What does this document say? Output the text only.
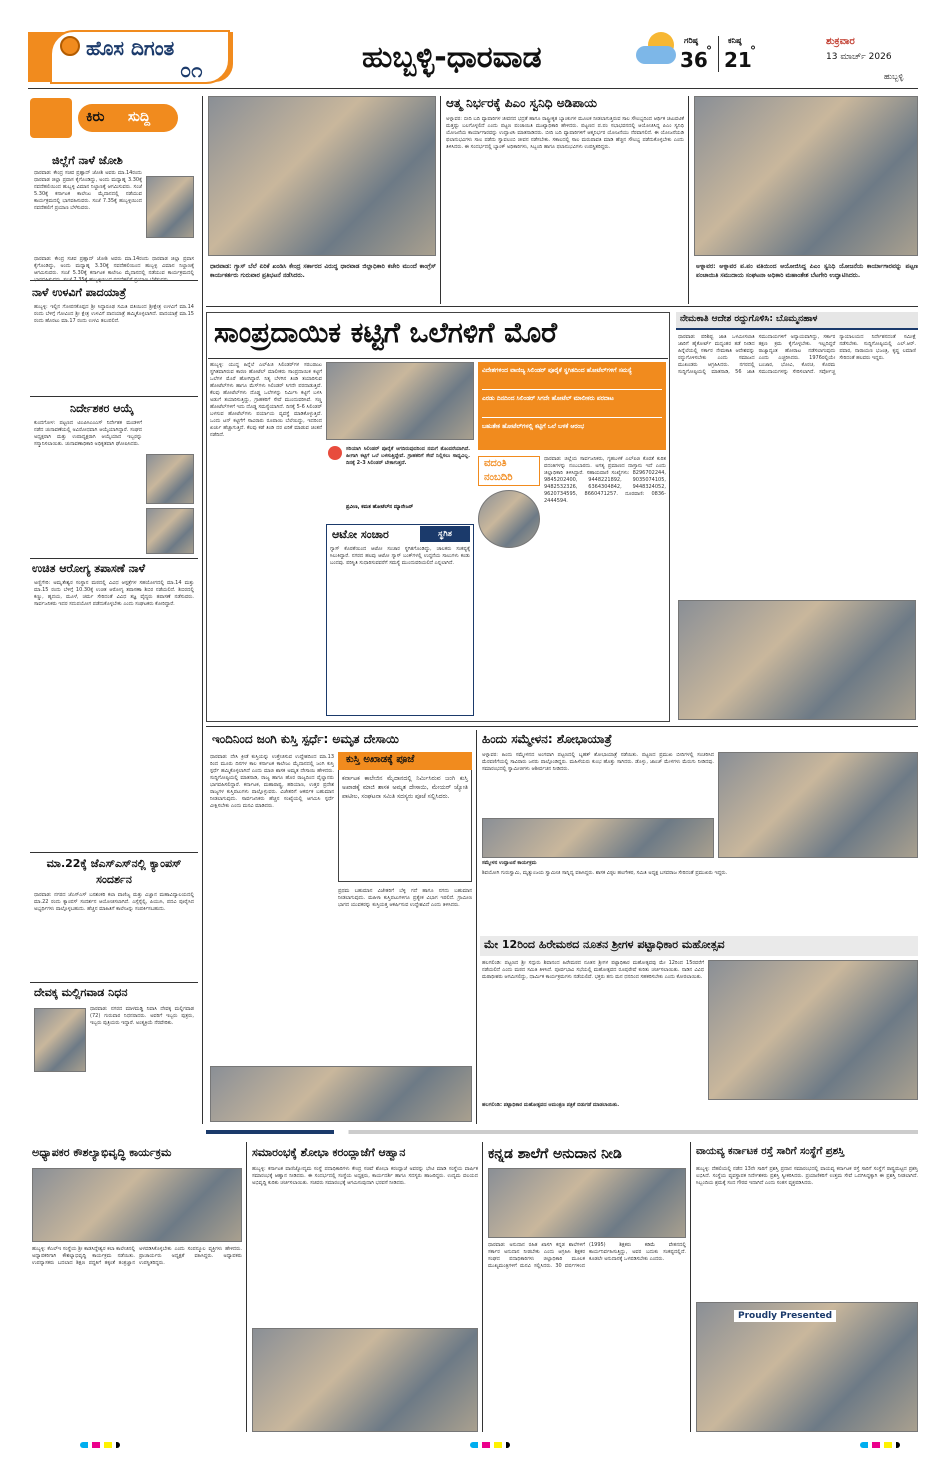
ಹೊಸ ದಿಗಂತ
೦೧	ಹುಬ್ಬಳ್ಳಿ-ಧಾರವಾಡ	ಗರಿಷ್ಠ
36
°
ಕನಿಷ್ಠ
21
°
ಶುಕ್ರವಾರ
13 ಮಾರ್ಚ್ 2026
ಹುಬ್ಬಳ್ಳಿ
ಕಿರು ಸುದ್ದಿ
ಜಿಲ್ಲೆಗೆ ನಾಳೆ ಜೋಶಿ
ಧಾರವಾಡ: ಕೇಂದ್ರ ಸಚಿವ ಪ್ರಹ್ಲಾದ್ ಜೋಶಿ ಅವರು ಮಾ.14ರಂದು ಧಾರವಾಡ ಜಿಲ್ಲಾ ಪ್ರವಾಸ ಕೈಗೊಂಡಿದ್ದು, ಅಂದು ಮಧ್ಯಾಹ್ನ 3.30ಕ್ಕೆ ನವದೆಹಲಿಯಿಂದ ಹುಬ್ಬಳ್ಳಿ ವಿಮಾನ ನಿಲ್ದಾಣಕ್ಕೆ ಆಗಮಿಸುವರು. ಸಂಜೆ 5.30ಕ್ಕೆ ಕರ್ನಾಟಕ ಕಾಲೇಜು ಮೈದಾನದಲ್ಲಿ ನಡೆಯುವ ಕಾರ್ಯಕ್ರಮದಲ್ಲಿ ಭಾಗವಹಿಸುವರು. ಸಂಜೆ 7.35ಕ್ಕೆ ಹುಬ್ಬಳ್ಳಿಯಿಂದ ನವದೆಹಲಿಗೆ ಪ್ರಯಾಣ ಬೆಳೆಸುವರು.
ಧಾರವಾಡ: ಕೇಂದ್ರ ಸಚಿವ ಪ್ರಹ್ಲಾದ್ ಜೋಶಿ ಅವರು ಮಾ.14ರಂದು ಧಾರವಾಡ ಜಿಲ್ಲಾ ಪ್ರವಾಸ ಕೈಗೊಂಡಿದ್ದು, ಅಂದು ಮಧ್ಯಾಹ್ನ 3.30ಕ್ಕೆ ನವದೆಹಲಿಯಿಂದ ಹುಬ್ಬಳ್ಳಿ ವಿಮಾನ ನಿಲ್ದಾಣಕ್ಕೆ ಆಗಮಿಸುವರು. ಸಂಜೆ 5.30ಕ್ಕೆ ಕರ್ನಾಟಕ ಕಾಲೇಜು ಮೈದಾನದಲ್ಲಿ ನಡೆಯುವ ಕಾರ್ಯಕ್ರಮದಲ್ಲಿ
ನಾಳೆ ಉಳವಿಗೆ ಪಾದಯಾತ್ರೆ
ಹುಬ್ಬಳ್ಳಿ: ಇಲ್ಲಿನ ಗೋಪನಕೊಪ್ಪದ ಶ್ರೀ ಸಿದ್ಧಾರೂಢ ಸಮಿತಿ ವತಿಯಿಂದ ಶ್ರೀಕ್ಷೇತ್ರ ಉಳವಿಗೆ ಮಾ.14 ರಂದು ಬೆಳಿಗ್ಗೆ ಗೋವಿಂದ ಶ್ರೀ ಕ್ಷೇತ್ರ ಉಳವಿಗೆ ಪಾದಯಾತ್ರೆ ಹಮ್ಮಿಕೊಳ್ಳಲಾಗಿದೆ. ಪಾದಯಾತ್ರೆ ಮಾ.15 ರಂದು ಹೊರಟು ಮಾ.17 ರಂದು ಉಳವಿ ತಲುಪಲಿದೆ.
ನಿರ್ದೇಶಕರ ಆಯ್ಕೆ
ಕುಂದಗೋಳ: ಪಟ್ಟಣದ ಟಿಎಪಿಸಿಎಂಎಸ್ ನಿರ್ದೇಶಕ ಮಂಡಳಿಗೆ ನಡೆದ ಚುನಾವಣೆಯಲ್ಲಿ ಅವಿರೋಧವಾಗಿ ಆಯ್ಕೆಯಾಗಿದ್ದಾರೆ. ಸಂಘದ ಅಧ್ಯಕ್ಷರಾಗಿ ಮತ್ತು ಉಪಾಧ್ಯಕ್ಷರಾಗಿ ಆಯ್ಕೆಯಾದ ಇಬ್ಬರನ್ನು ಸನ್ಮಾನಿಸಲಾಯಿತು. ಚುನಾವಣಾಧಿಕಾರಿ ಅಧಿಕೃತವಾಗಿ ಘೋಷಿಸಿದರು.
ಉಚಿತ ಆರೋಗ್ಯ ತಪಾಸಣೆ ನಾಳೆ
ಅಣ್ಣಿಗೇರಿ: ಅಮೃತೇಶ್ವರ ಸಂಸ್ಥಾನ ಮಠದಲ್ಲಿ ವಿವಿಧ ಆಸ್ಪತ್ರೆಗಳ ಸಹಯೋಗದಲ್ಲಿ ಮಾ.14 ಮತ್ತು ಮಾ.15 ರಂದು ಬೆಳಿಗ್ಗೆ 10.30ಕ್ಕೆ ಉಚಿತ ಆರೋಗ್ಯ ತಪಾಸಣಾ ಶಿಬಿರ ನಡೆಯಲಿದೆ. ಶಿಬಿರದಲ್ಲಿ ಕಣ್ಣು, ಹೃದಯ, ಮೂಳೆ, ಚರ್ಮ ಸೇರಿದಂತೆ ವಿವಿಧ ತಜ್ಞ ವೈದ್ಯರು ತಪಾಸಣೆ ನಡೆಸುವರು. ಸಾರ್ವಜನಿಕರು ಇದರ ಸದುಪಯೋಗ ಪಡೆದುಕೊಳ್ಳಬೇಕು ಎಂದು ಸಂಘಟಕರು ಕೋರಿದ್ದಾರೆ.
ಮಾ.22ಕ್ಕೆ ಜೆಎಸ್‌ಎಸ್‌ನಲ್ಲಿ ಕ್ಯಾಂಪಸ್ ಸಂದರ್ಶನ
ಧಾರವಾಡ: ನಗರದ ಜೆಎಸ್‌ಎಸ್ ಬನಶಂಕರಿ ಕಲಾ ವಾಣಿಜ್ಯ ಮತ್ತು ವಿಜ್ಞಾನ ಮಹಾವಿದ್ಯಾಲಯದಲ್ಲಿ ಮಾ.22 ರಂದು ಕ್ಯಾಂಪಸ್ ಸಂದರ್ಶನ ಆಯೋಜಿಸಲಾಗಿದೆ. ಎಸ್ಸೆಸ್ಸೆಲ್ಸಿ, ಪಿಯುಸಿ, ಪದವಿ ಪೂರೈಸಿದ ಅಭ್ಯರ್ಥಿಗಳು ಪಾಲ್ಗೊಳ್ಳಬಹುದು. ಹೆಚ್ಚಿನ ಮಾಹಿತಿಗೆ ಕಾಲೇಜನ್ನು ಸಂಪರ್ಕಿಸಬಹುದು.
ದೇವಕ್ಕ ಮಲ್ಲಿಗವಾಡ ನಿಧನ
ಧಾರವಾಡ: ನಗರದ ಮಾಳಮಡ್ಡಿ ನಿವಾಸಿ ದೇವಕ್ಕ ಮಲ್ಲಿಗವಾಡ (72) ಗುರುವಾರ ನಿಧನರಾದರು. ಅವರಿಗೆ ಇಬ್ಬರು ಪುತ್ರರು, ಇಬ್ಬರು ಪುತ್ರಿಯರು ಇದ್ದಾರೆ. ಅಂತ್ಯಕ್ರಿಯೆ ನೆರವೇರಿತು.
ಧಾರವಾಡ: ಗ್ಯಾಸ್ ಬೆಲೆ ಏರಿಕೆ ಖಂಡಿಸಿ ಕೇಂದ್ರ ಸರ್ಕಾರದ ವಿರುದ್ಧ ಧಾರವಾಡ ಜಿಲ್ಲಾಧಿಕಾರಿ ಕಚೇರಿ ಮುಂದೆ ಕಾಂಗ್ರೆಸ್ ಕಾರ್ಯಕರ್ತರು ಗುರುವಾರ ಪ್ರತಿಭಟನೆ ನಡೆಸಿದರು.
ಆತ್ಮ ನಿರ್ಭರಕ್ಕೆ ಪಿಎಂ ಸ್ವನಿಧಿ ಅಡಿಪಾಯ
ಅಳ್ನಾವರ: ಬೀದಿ ಬದಿ ವ್ಯಾಪಾರಿಗಳ ಜೀವನದ ಭದ್ರತೆ ಹಾಗೂ ರಾಷ್ಟ್ರೀಕೃತ ಬ್ಯಾಂಕುಗಳ ಮೂಲಕ ನೀಡಲಾಗುತ್ತಿರುವ ಸಾಲ ಸೌಲಭ್ಯದಿಂದ ಆರ್ಥಿಕ ಚಟುವಟಿಕೆ ಮತ್ತಷ್ಟು ಬಲಗೊಳ್ಳಲಿದೆ ಎಂದು ಪಟ್ಟಣ ಪಂಚಾಯಿತಿ ಮುಖ್ಯಾಧಿಕಾರಿ ಹೇಳಿದರು. ಪಟ್ಟಣದ ಪ.ಪಂ ಸಭಾಭವನದಲ್ಲಿ ಆಯೋಜಿಸಿದ್ದ ಪಿಎಂ ಸ್ವನಿಧಿ ಯೋಜನೆಯ ಕಾರ್ಯಾಗಾರವನ್ನು ಉದ್ಘಾಟಿಸಿ ಮಾತನಾಡಿದರು. ಬೀದಿ ಬದಿ ವ್ಯಾಪಾರಿಗಳಿಗೆ ಆತ್ಮನಿರ್ಭರ ಯೋಜನೆಯು ನೆರವಾಗಲಿದೆ. ಈ ಯೋಜನೆಯಡಿ ಫಲಾನುಭವಿಗಳು ಸಾಲ ಪಡೆದು ಸ್ವಾವಲಂಬಿ ಜೀವನ ನಡೆಸಬೇಕು. ಸಕಾಲದಲ್ಲಿ ಸಾಲ ಮರುಪಾವತಿ ಮಾಡಿ ಹೆಚ್ಚಿನ ಸೌಲಭ್ಯ ಪಡೆದುಕೊಳ್ಳಬೇಕು ಎಂದು ತಿಳಿಸಿದರು. ಈ ಸಂದರ್ಭದಲ್ಲಿ ಬ್ಯಾಂಕ್ ಅಧಿಕಾರಿಗಳು, ಸಿಬ್ಬಂದಿ ಹಾಗೂ ಫಲಾನುಭವಿಗಳು ಉಪಸ್ಥಿತರಿದ್ದರು.
ಅಳ್ನಾವರ: ಅಳ್ನಾವರ ಪ.ಪಂ ವತಿಯಿಂದ ಆಯೋಜಿಸಿದ್ದ ಪಿಎಂ ಸ್ವನಿಧಿ ಯೋಜನೆಯ ಕಾರ್ಯಾಗಾರವನ್ನು ಪಟ್ಟಣ ಪಂಚಾಯಿತಿ ಸಮುದಾಯ ಸಂಘಟನಾ ಅಧಿಕಾರಿ ಮಹಾಂತೇಶ ಬೆಟಗೇರಿ ಉದ್ಘಾಟಿಸಿದರು.
ಸಾಂಪ್ರದಾಯಿಕ ಕಟ್ಟಿಗೆ ಒಲೆಗಳಿಗೆ ಮೊರೆ
ಹುಬ್ಬಳ್ಳಿ: ಯುದ್ಧ ಹಿನ್ನೆಲೆ ಎಲ್‌ಪಿಜಿ ಸಿಲಿಂಡರ್‌ಗಳ ಸರಬರಾಜು ಸ್ಥಗಿತವಾಗಿರುವ ಕಾರಣ ಹೋಟೆಲ್ ಮಾಲೀಕರು ಸಾಂಪ್ರದಾಯಿಕ ಕಟ್ಟಿಗೆ ಒಲೆಗಳ ಮೊರೆ ಹೋಗಿದ್ದಾರೆ. ನಿತ್ಯ ಬೆಳಗಿನ ತಿಂಡಿ ತಯಾರಿಸುವ ಹೋಟೆಲ್‌ಗಳು ಹಾಗೂ ಮೆಸ್‌ಗಳು ಸಿಲಿಂಡರ್ ಸಿಗದೇ ಪರದಾಡುತ್ತಿವೆ. ಕೆಲವು ಹೋಟೆಲ್‌ಗಳು ದೊಡ್ಡ ಒಲೆಗಳನ್ನು ನಿರ್ಮಿಸಿ ಕಟ್ಟಿಗೆ ಬಳಸಿ ಅಡುಗೆ ತಯಾರಿಸುತ್ತಿದ್ದು, ಗ್ರಾಹಕರಿಗೆ ಸೇವೆ ಮುಂದುವರಿಸಿವೆ. ಸಣ್ಣ ಹೋಟೆಲ್‌ಗಳಿಗೆ ಇದು ದೊಡ್ಡ ಸಮಸ್ಯೆಯಾಗಿದೆ. ದಿನಕ್ಕೆ 5-6 ಸಿಲಿಂಡರ್ ಬಳಸುವ ಹೋಟೆಲ್‌ಗಳು ಪರ್ಯಾಯ ವ್ಯವಸ್ಥೆ ಮಾಡಿಕೊಳ್ಳುತ್ತಿವೆ. ಒಂದು ಟನ್ ಕಟ್ಟಿಗೆಗೆ ಸಾವಿರಾರು ರೂಪಾಯಿ ಬೆಲೆಯಿದ್ದು, ಇದರಿಂದ ಖರ್ಚು ಹೆಚ್ಚಾಗುತ್ತಿದೆ. ಕೆಲವು ಕಡೆ ತಿಂಡಿ ದರ ಏರಿಕೆ ಮಾಡುವ ಚಿಂತನೆ ನಡೆದಿದೆ.
ವಿದೇಶಗಳಿಂದ ವಾಣಿಜ್ಯ ಸಿಲಿಂಡರ್ ಪೂರೈಕೆ ಸ್ಥಗಿತದಿಂದ ಹೋಟೆಲ್‌ಗಳಿಗೆ ಸಮಸ್ಯೆ
ಎರಡು ದಿನದಿಂದ ಸಿಲಿಂಡರ್ ಸಿಗದೇ ಹೋಟೆಲ್ ಮಾಲೀಕರು ಪರದಾಟ
ಬಹುತೇಕ ಹೋಟೆಲ್‌ಗಳಲ್ಲಿ ಕಟ್ಟಿಗೆ ಒಲೆ ಬಳಕೆ ಆರಂಭ
ಸರಿಯಾಗಿ ಸಿಲಿಂಡರ್ ಪೂರೈಕೆ ಆಗದಿರುವುದರಿಂದ ನಮಗೆ ತೊಂದರೆಯಾಗಿದೆ. ಹೀಗಾಗಿ ಕಟ್ಟಿಗೆ ಒಲೆ ಬಳಸುತ್ತಿದ್ದೇವೆ. ಗ್ರಾಹಕರಿಗೆ ಸೇವೆ ನಿಲ್ಲಿಸಲು ಸಾಧ್ಯವಿಲ್ಲ. ದಿನಕ್ಕೆ 2-3 ಸಿಲಿಂಡರ್ ಬೇಕಾಗುತ್ತದೆ.
ಪ್ರವೀಣ, ಕಮತ ಹೋಟೆಲ್‌ನ ಮ್ಯಾನೇಜರ್
ವದಂತಿ
ನಂಬದಿರಿ
ಧಾರವಾಡ: ಜಿಲ್ಲೆಯ ಸಾರ್ವಜನಿಕರು, ಗೃಹಬಳಕೆ ಎಲ್‌ಪಿಜಿ ಕೊರತೆ ಕುರಿತ ವದಂತಿಗಳನ್ನು ನಂಬಬಾರದು. ಅಗತ್ಯ ಪ್ರಮಾಣದ ದಾಸ್ತಾನು ಇದೆ ಎಂದು ಜಿಲ್ಲಾಧಿಕಾರಿ ತಿಳಿಸಿದ್ದಾರೆ. ಸಹಾಯವಾಣಿ ಸಂಖ್ಯೆಗಳು: 8296702244, 9845202400, 9448221892, 9035074105, 9482532326, 6364304842, 9448324052, 9620734595, 8660471257. ದೂರವಾಣಿ: 0836-2444594.
ಆಟೋ ಸಂಚಾರ	ಸ್ಥಗಿತ
ಗ್ಯಾಸ್ ಕೊರತೆಯಿಂದ ಆಟೋ ಸಂಚಾರ ಸ್ಥಗಿತಗೊಂಡಿದ್ದು, ಚಾಲಕರು ಸಂಕಷ್ಟಕ್ಕೆ ಸಿಲುಕಿದ್ದಾರೆ. ನಗರದ ಹಲವು ಆಟೋ ಗ್ಯಾಸ್ ಬಂಕ್‌ಗಳಲ್ಲಿ ಉದ್ದನೆಯ ಸಾಲುಗಳು ಕಂಡು ಬಂದವು. ಪರಿಸ್ಥಿತಿ ಸುಧಾರಿಸುವವರೆಗೆ ಸಮಸ್ಯೆ ಮುಂದುವರಿಯಲಿದೆ ಎನ್ನಲಾಗಿದೆ.
ನೇಮಕಾತಿ ಆದೇಶ ರದ್ದುಗೊಳಿಸಿ: ಬೊಮ್ಮನಹಾಳ
ಧಾರವಾಡ: ಪರಿಶಿಷ್ಟ ಜಾತಿ ಒಳಮೀಸಲಾತಿ ಜಾರಿಗೆ ಹೈಕೋರ್ಟ್ ಮಧ್ಯಂತರ ತಡೆ ನೀಡಿದ ಹಿನ್ನೆಲೆಯಲ್ಲಿ ಸರ್ಕಾರ ನೇಮಕಾತಿ ಆದೇಶವನ್ನು ರದ್ದುಗೊಳಿಸಬೇಕು ಎಂದು ಸಮಾಜದ ಮುಖಂಡರು ಆಗ್ರಹಿಸಿದರು. ನಗರದಲ್ಲಿ ಸುದ್ದಿಗೋಷ್ಠಿಯಲ್ಲಿ ಮಾತನಾಡಿ, 56 ಜಾತಿ ಸಮುದಾಯಗಳಿಗೆ ಅನ್ಯಾಯವಾಗಿದ್ದು, ಸರ್ಕಾರ ತಕ್ಷಣ ಕ್ರಮ ಕೈಗೊಳ್ಳಬೇಕು. ಇಲ್ಲದಿದ್ದರೆ ರಾಜ್ಯಾದ್ಯಂತ ಹೋರಾಟ ನಡೆಸಲಾಗುವುದು ಎಂದು ಎಚ್ಚರಿಸಿದರು. 1976ರಲ್ಲಿಯೇ ಬಂಜಾರ, ಭೋವಿ, ಕೊರಚ, ಕೊರಮ ಸಮುದಾಯಗಳನ್ನು ಸೇರಿಸಲಾಗಿದೆ. ಸರ್ವೋಚ್ಚ ನ್ಯಾಯಾಲಯದ ನಿರ್ದೇಶನದಂತೆ ಸಮೀಕ್ಷೆ ನಡೆಸಬೇಕು. ಸುದ್ದಿಗೋಷ್ಠಿಯಲ್ಲಿ ಎಲ್.ಆರ್. ಪವಾರ, ನಾರಾಯಣ ಭಜಂತ್ರಿ, ಕೃಷ್ಣ ಲಮಾಣಿ ಸೇರಿದಂತೆ ಹಲವರು ಇದ್ದರು.
ಇಂದಿನಿಂದ ಜಂಗಿ ಕುಸ್ತಿ ಸ್ಪರ್ಧೆ: ಅಮೃತ ದೇಸಾಯಿ
ಧಾರವಾಡ: ದೇಸಿ ಕ್ರೀಡೆ ಕುಸ್ತಿಯನ್ನು ಉತ್ತೇಜಿಸುವ ಉದ್ದೇಶದಿಂದ ಮಾ.13 ರಿಂದ ಮೂರು ದಿನಗಳ ಕಾಲ ಕರ್ನಾಟಕ ಕಾಲೇಜು ಮೈದಾನದಲ್ಲಿ ಜಂಗಿ ಕುಸ್ತಿ ಸ್ಪರ್ಧೆ ಹಮ್ಮಿಕೊಳ್ಳಲಾಗಿದೆ ಎಂದು ಮಾಜಿ ಶಾಸಕ ಅಮೃತ ದೇಸಾಯಿ ಹೇಳಿದರು. ಸುದ್ದಿಗೋಷ್ಠಿಯಲ್ಲಿ ಮಾತನಾಡಿ, ರಾಜ್ಯ ಹಾಗೂ ಹೊರ ರಾಜ್ಯದಿಂದ ಪೈಲ್ವಾನರು ಭಾಗವಹಿಸಲಿದ್ದಾರೆ. ಕರ್ನಾಟಕ, ಮಹಾರಾಷ್ಟ್ರ, ಹರಿಯಾಣ, ಉತ್ತರ ಪ್ರದೇಶ ರಾಜ್ಯಗಳ ಕುಸ್ತಿಪಟುಗಳು ಪಾಲ್ಗೊಳ್ಳುವರು. ವಿಜೇತರಿಗೆ ಆಕರ್ಷಕ ಬಹುಮಾನ ನೀಡಲಾಗುವುದು. ಸಾರ್ವಜನಿಕರು ಹೆಚ್ಚಿನ ಸಂಖ್ಯೆಯಲ್ಲಿ ಆಗಮಿಸಿ ಸ್ಪರ್ಧೆ ವೀಕ್ಷಿಸಬೇಕು ಎಂದು ಮನವಿ ಮಾಡಿದರು.
ಕುಸ್ತಿ ಅಖಾಡಕ್ಕೆ ಪೂಜೆ
ಕರ್ನಾಟಕ ಕಾಲೇಜಿನ ಮೈದಾನದಲ್ಲಿ ನಿರ್ಮಿಸಿರುವ ಜಂಗಿ ಕುಸ್ತಿ ಅಖಾಡಕ್ಕೆ ಮಾಜಿ ಶಾಸಕ ಅಮೃತ ದೇಸಾಯಿ, ಮೇಯರ್ ಜ್ಯೋತಿ ಪಾಟೀಲ, ಸಂಘಟನಾ ಸಮಿತಿ ಸದಸ್ಯರು ಪೂಜೆ ಸಲ್ಲಿಸಿದರು.
ಪ್ರಥಮ ಬಹುಮಾನ ವಿಜೇತರಿಗೆ ಬೆಳ್ಳಿ ಗದೆ ಹಾಗೂ ನಗದು ಬಹುಮಾನ ನೀಡಲಾಗುವುದು. ಮಹಿಳಾ ಕುಸ್ತಿಪಟುಗಳಿಗೂ ಪ್ರತ್ಯೇಕ ವಿಭಾಗ ಇರಲಿದೆ. ಗ್ರಾಮೀಣ ಭಾಗದ ಯುವಕರನ್ನು ಕುಸ್ತಿಯತ್ತ ಆಕರ್ಷಿಸುವ ಉದ್ದೇಶವಿದೆ ಎಂದು ತಿಳಿಸಿದರು.
ಹಿಂದು ಸಮ್ಮೇಳನ: ಶೋಭಾಯಾತ್ರೆ
ಅಳ್ನಾವರ: ಹಿಂದು ಸಮ್ಮೇಳನದ ಅಂಗವಾಗಿ ಪಟ್ಟಣದಲ್ಲಿ ಬೃಹತ್ ಶೋಭಾಯಾತ್ರೆ ನಡೆಯಿತು. ಪಟ್ಟಣದ ಪ್ರಮುಖ ಬೀದಿಗಳಲ್ಲಿ ಸಂಚರಿಸಿದ ಮೆರವಣಿಗೆಯಲ್ಲಿ ಸಾವಿರಾರು ಜನರು ಪಾಲ್ಗೊಂಡಿದ್ದರು. ಮಹಿಳೆಯರು ಕುಂಭ ಹೊತ್ತು ಸಾಗಿದರು. ಡೊಳ್ಳು, ಜಾಂಜ್ ಮೇಳಗಳು ಮೆರುಗು ನೀಡಿದವು. ಸಮಾರಂಭದಲ್ಲಿ ಸ್ವಾಮೀಜಿಗಳು ಆಶೀರ್ವಚನ ನೀಡಿದರು.
ಸಮ್ಮೇಳನ ಉದ್ಘಾಟನೆ ಕಾರ್ಯಕ್ರಮ
ಶಿವಯೋಗಿ ಗುರುಸ್ವಾಮಿ, ಮೃತ್ಯುಂಜಯ ಸ್ವಾಮೀಜಿ ಸಾನ್ನಿಧ್ಯ ವಹಿಸಿದ್ದರು. ಶಾಸಕ ವಿಠ್ಠಲ ಹಲಗೇಕರ, ಸಮಿತಿ ಅಧ್ಯಕ್ಷ ಬಸವರಾಜ ಸೇರಿದಂತೆ ಪ್ರಮುಖರು ಇದ್ದರು.
ಮೇ 12ರಿಂದ ಹಿರೇಮಠದ ನೂತನ ಶ್ರೀಗಳ ಪಟ್ಟಾಧಿಕಾರ ಮಹೋತ್ಸವ
ಹಲಗಲಿಂಡಿ: ಪಟ್ಟಣದ ಶ್ರೀ ಸದ್ಗುರು ಶಿವಾನಂದ ಹಿರೇಮಠದ ನೂತನ ಶ್ರೀಗಳ ಪಟ್ಟಾಧಿಕಾರ ಮಹೋತ್ಸವವು ಮೇ 12ರಿಂದ 15ರವರೆಗೆ ನಡೆಯಲಿದೆ ಎಂದು ಮಠದ ಸಮಿತಿ ತಿಳಿಸಿದೆ. ಪೂರ್ವಭಾವಿ ಸಭೆಯಲ್ಲಿ ಮಹೋತ್ಸವದ ರೂಪುರೇಷೆ ಕುರಿತು ಚರ್ಚಿಸಲಾಯಿತು. ನಾಡಿನ ವಿವಿಧ ಮಠಾಧೀಶರು ಆಗಮಿಸಲಿದ್ದು, ಧಾರ್ಮಿಕ ಕಾರ್ಯಕ್ರಮಗಳು ನಡೆಯಲಿವೆ. ಭಕ್ತರು ತನು ಮನ ಧನದಿಂದ ಸಹಕರಿಸಬೇಕು ಎಂದು ಕೋರಲಾಯಿತು.
ಹಲಗಲಿಂಡಿ: ಪಟ್ಟಾಧಿಕಾರ ಮಹೋತ್ಸವದ ಆಮಂತ್ರಣ ಪತ್ರಿಕೆ ಬಿಡುಗಡೆ ಮಾಡಲಾಯಿತು.
ಅಧ್ಯಾಪಕರ ಕೌಶಲ್ಯಾಭಿವೃದ್ಧಿ ಕಾರ್ಯಕ್ರಮ
ಹುಬ್ಬಳ್ಳಿ: ಕೆಎಲ್‌ಇ ಸಂಸ್ಥೆಯ ಶ್ರೀ ಕಾಡಸಿದ್ಧೇಶ್ವರ ಕಲಾ ಕಾಲೇಜಿನಲ್ಲಿ ಅಧ್ಯಾಪಕರಿಗಾಗಿ ಕೌಶಲ್ಯಾಭಿವೃದ್ಧಿ ಕಾರ್ಯಕ್ರಮ ನಡೆಯಿತು. ಉಪನ್ಯಾಸಕರು ಬದಲಾದ ಶಿಕ್ಷಣ ಪದ್ಧತಿಗೆ ತಕ್ಕಂತೆ ತಂತ್ರಜ್ಞಾನ ಅಳವಡಿಸಿಕೊಳ್ಳಬೇಕು ಎಂದು ಸಂಪನ್ಮೂಲ ವ್ಯಕ್ತಿಗಳು ಹೇಳಿದರು. ಪ್ರಾಚಾರ್ಯರು ಅಧ್ಯಕ್ಷತೆ ವಹಿಸಿದ್ದರು. ಅಧ್ಯಾಪಕರು ಉಪಸ್ಥಿತರಿದ್ದರು.
ಸಮಾರಂಭಕ್ಕೆ ಶೋಭಾ ಕರಂದ್ಲಾಜೆಗೆ ಆಹ್ವಾನ
ಹುಬ್ಬಳ್ಳಿ: ಕರ್ನಾಟಕ ವಾಣಿಜ್ಯೋದ್ಯಮ ಸಂಸ್ಥೆ ಪದಾಧಿಕಾರಿಗಳು ಕೇಂದ್ರ ಸಚಿವೆ ಶೋಭಾ ಕರಂದ್ಲಾಜೆ ಅವರನ್ನು ಭೇಟಿ ಮಾಡಿ ಸಂಸ್ಥೆಯ ವಾರ್ಷಿಕ ಸಮಾರಂಭಕ್ಕೆ ಆಹ್ವಾನ ನೀಡಿದರು. ಈ ಸಂದರ್ಭದಲ್ಲಿ ಸಂಸ್ಥೆಯ ಅಧ್ಯಕ್ಷರು, ಕಾರ್ಯದರ್ಶಿ ಹಾಗೂ ಸದಸ್ಯರು ಹಾಜರಿದ್ದರು. ಉದ್ಯಮ ವಲಯದ ಅಭಿವೃದ್ಧಿ ಕುರಿತು ಚರ್ಚಿಸಲಾಯಿತು. ಸಚಿವರು ಸಮಾರಂಭಕ್ಕೆ ಆಗಮಿಸುವುದಾಗಿ ಭರವಸೆ ನೀಡಿದರು.
ಕನ್ನಡ ಶಾಲೆಗೆ ಅನುದಾನ ನೀಡಿ
ಧಾರವಾಡ: ಅನುದಾನ ರಹಿತ ಖಾಸಗಿ ಕನ್ನಡ ಶಾಲೆಗಳಿಗೆ ಸರ್ಕಾರ ಅನುದಾನ ನೀಡಬೇಕು ಎಂದು ಆಗ್ರಹಿಸಿ ಶಿಕ್ಷಕರ ಸಂಘದ ಪದಾಧಿಕಾರಿಗಳು ಜಿಲ್ಲಾಧಿಕಾರಿ ಮೂಲಕ ಮುಖ್ಯಮಂತ್ರಿಗಳಿಗೆ ಮನವಿ ಸಲ್ಲಿಸಿದರು. 30 ವರ್ಷಗಳಿಂದ (1995) ಶಿಕ್ಷಕರು ಕಡಿಮೆ ವೇತನದಲ್ಲಿ ಕಾರ್ಯನಿರ್ವಹಿಸುತ್ತಿದ್ದು, ಅವರ ಬದುಕು ಸಂಕಷ್ಟದಲ್ಲಿದೆ. ಕೂಡಲೇ ಅನುದಾನಕ್ಕೆ ಒಳಪಡಿಸಬೇಕು ಎಂದರು.
ವಾಯವ್ಯ ಕರ್ನಾಟಕ ರಸ್ತೆ ಸಾರಿಗೆ ಸಂಸ್ಥೆಗೆ ಪ್ರಶಸ್ತಿ
ಹುಬ್ಬಳ್ಳಿ: ದೆಹಲಿಯಲ್ಲಿ ನಡೆದ 13ನೇ ಸಾರಿಗೆ ಪ್ರಶಸ್ತಿ ಪ್ರದಾನ ಸಮಾರಂಭದಲ್ಲಿ ವಾಯವ್ಯ ಕರ್ನಾಟಕ ರಸ್ತೆ ಸಾರಿಗೆ ಸಂಸ್ಥೆಗೆ ರಾಷ್ಟ್ರಮಟ್ಟದ ಪ್ರಶಸ್ತಿ ಲಭಿಸಿದೆ. ಸಂಸ್ಥೆಯ ವ್ಯವಸ್ಥಾಪಕ ನಿರ್ದೇಶಕರು ಪ್ರಶಸ್ತಿ ಸ್ವೀಕರಿಸಿದರು. ಪ್ರಯಾಣಿಕರಿಗೆ ಉತ್ತಮ ಸೇವೆ ಒದಗಿಸಿದ್ದಕ್ಕಾಗಿ ಈ ಪ್ರಶಸ್ತಿ ನೀಡಲಾಗಿದೆ. ಸಿಬ್ಬಂದಿಯ ಶ್ರಮಕ್ಕೆ ಸಂದ ಗೌರವ ಇದಾಗಿದೆ ಎಂದು ಸಂತಸ ವ್ಯಕ್ತಪಡಿಸಿದರು.
Proudly Presented
